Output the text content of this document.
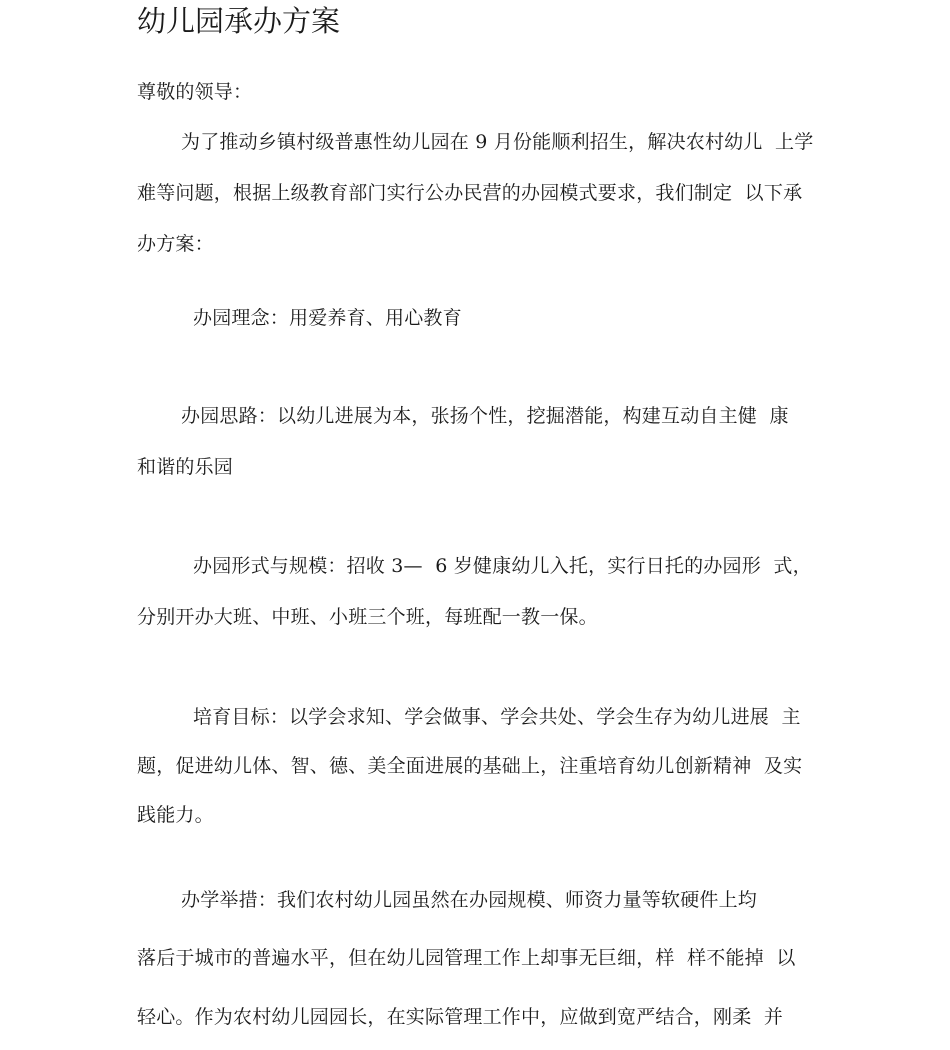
幼儿园承办方案
尊敬的领导：
为了推动乡镇村级普惠性幼儿园在 9 月份能顺利招生，解决农村幼儿  上学
难等问题，根据上级教育部门实行公办民营的办园模式要求，我们制定  以下承
办方案：
办园理念：用爱养育、用心教育
办园思路：以幼儿进展为本，张扬个性，挖掘潜能，构建互动自主健  康
和谐的乐园
办园形式与规模：招收 3—  6 岁健康幼儿入托，实行日托的办园形  式，
分别开办大班、中班、小班三个班，每班配一教一保。
培育目标：以学会求知、学会做事、学会共处、学会生存为幼儿进展  主
题，促进幼儿体、智、德、美全面进展的基础上，注重培育幼儿创新精神  及实
践能力。
办学举措：我们农村幼儿园虽然在办园规模、师资力量等软硬件上均
落后于城市的普遍水平，但在幼儿园管理工作上却事无巨细，样  样不能掉  以
轻心。作为农村幼儿园园长，在实际管理工作中，应做到宽严结合，刚柔  并
